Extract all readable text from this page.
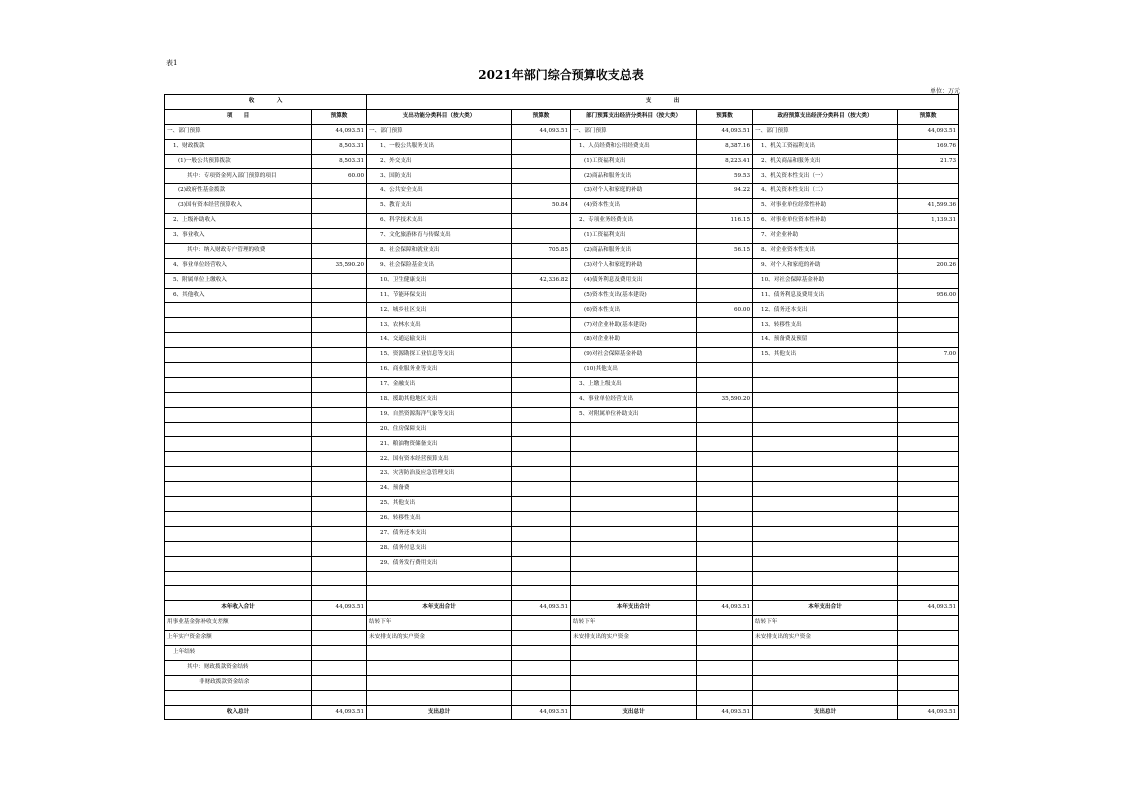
表1
2021年部门综合预算收支总表
单位：万元
收　　　　入		支　　　　出					
项　　目	预算数	支出功能分类科目（按大类）	预算数	部门预算支出经济分类科目（按大类）	预算数	政府预算支出经济分类科目（按大类）	预算数
一、部门预算	44,093.51	一、部门预算	44,093.51	一、部门预算	44,093.51	一、部门预算	44,093.51
1、财政拨款	8,503.31	1、一般公共服务支出		1、人员经费和公用经费支出	8,387.16	1、机关工资福利支出	169.76
(1)一般公共预算拨款	8,503.31	2、外交支出		(1)工资福利支出	8,223.41	2、机关商品和服务支出	21.73
其中：专项资金列入部门预算的项目	60.00	3、国防支出		(2)商品和服务支出	59.53	3、机关资本性支出（一）	
(2)政府性基金拨款		4、公共安全支出		(3)对个人和家庭的补助	94.22	4、机关资本性支出（二）	
(3)国有资本经营预算收入		5、教育支出	50.84	(4)资本性支出		5、对事业单位经常性补助	41,599.36
2、上级补助收入		6、科学技术支出		2、专项业务经费支出	116.15	6、对事业单位资本性补助	1,139.31
3、事业收入		7、文化旅游体育与传媒支出		(1)工资福利支出		7、对企业补助	
其中：纳入财政专户管理的收费		8、社会保障和就业支出	705.85	(2)商品和服务支出	56.15	8、对企业资本性支出	
4、事业单位经营收入	35,590.20	9、社会保险基金支出		(3)对个人和家庭的补助		9、对个人和家庭的补助	200.26
5、附属单位上缴收入		10、卫生健康支出	42,336.82	(4)债务利息及费用支出		10、对社会保障基金补助	
6、其他收入		11、节能环保支出		(5)资本性支出(基本建设)		11、债务利息及费用支出	956.00
		12、城乡社区支出		(6)资本性支出	60.00	12、债务还本支出	
		13、农林水支出		(7)对企业补助(基本建设)		13、转移性支出	
		14、交通运输支出		(8)对企业补助		14、预备费及预留	
		15、资源勘探工业信息等支出		(9)对社会保障基金补助		15、其他支出	7.00
		16、商业服务业等支出		(10)其他支出			
		17、金融支出		3、上缴上级支出			
		18、援助其他地区支出		4、事业单位经营支出	35,590.20		
		19、自然资源海洋气象等支出		5、对附属单位补助支出			
		20、住房保障支出					
		21、粮油物资储备支出					
		22、国有资本经营预算支出					
		23、灾害防治及应急管理支出					
		24、预备费					
		25、其他支出					
		26、转移性支出					
		27、债务还本支出					
		28、债务付息支出					
		29、债务发行费用支出					

本年收入合计	44,093.51	本年支出合计	44,093.51	本年支出合计	44,093.51	本年支出合计	44,093.51
用事业基金弥补收支差额		结转下年		结转下年		结转下年	
上年实户资金余额		未安排支出的实户资金		未安排支出的实户资金		未安排支出的实户资金	
上年结转							
其中：财政拨款资金结转							
非财政拨款资金结余							

收入总计	44,093.51	支出总计	44,093.51	支出总计	44,093.51	支出总计	44,093.51
